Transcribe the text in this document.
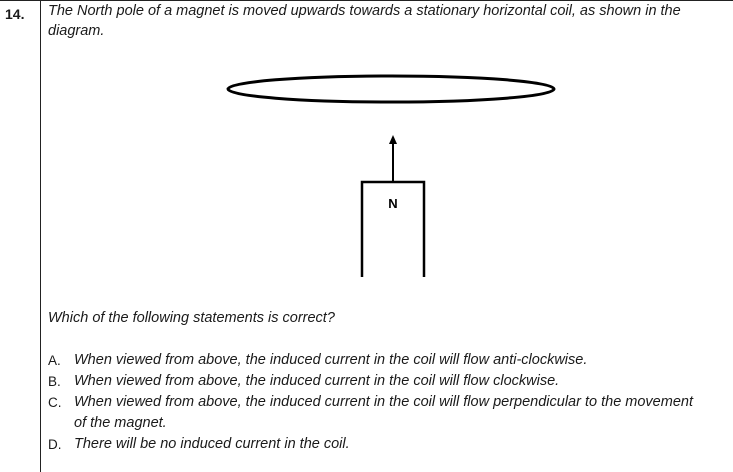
14. The North pole of a magnet is moved upwards towards a stationary horizontal coil, as shown in the diagram.
N
Which of the following statements is correct?
A. When viewed from above, the induced current in the coil will flow anti-clockwise.
B. When viewed from above, the induced current in the coil will flow clockwise.
C. When viewed from above, the induced current in the coil will flow perpendicular to the movement of the magnet.
D. There will be no induced current in the coil.
